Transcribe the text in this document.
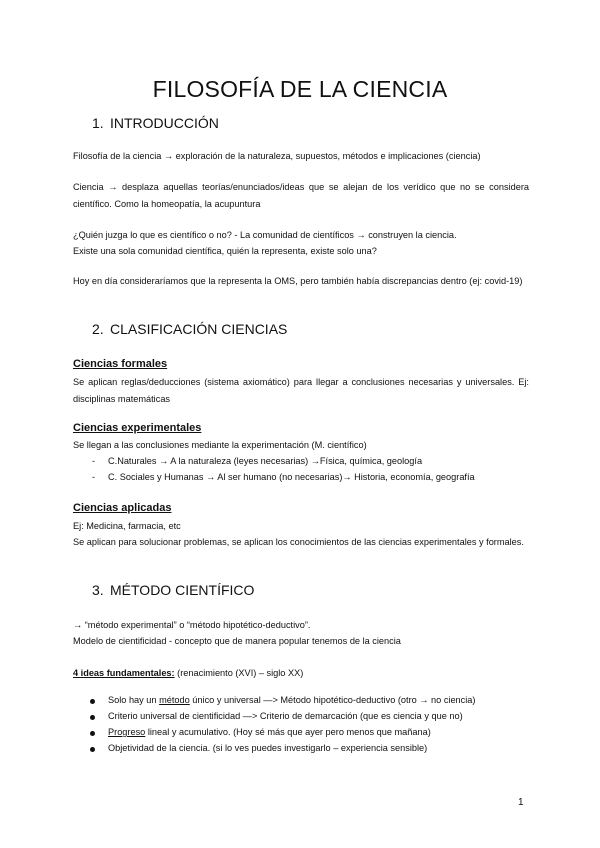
FILOSOFÍA DE LA CIENCIA
1. INTRODUCCIÓN
Filosofía de la ciencia → exploración de la naturaleza, supuestos, métodos e implicaciones (ciencia)
Ciencia → desplaza aquellas teorías/enunciados/ideas que se alejan de los verídico que no se considera científico. Como la homeopatía, la acupuntura
¿Quién juzga lo que es científico o no? - La comunidad de científicos → construyen la ciencia.
Existe una sola comunidad científica, quién la representa, existe solo una?
Hoy en día consideraríamos que la representa la OMS, pero también había discrepancias dentro (ej: covid-19)
2. CLASIFICACIÓN CIENCIAS
Ciencias formales
Se aplican reglas/deducciones (sistema axiomático) para llegar a conclusiones necesarias y universales. Ej: disciplinas matemáticas
Ciencias experimentales
Se llegan a las conclusiones mediante la experimentación (M. científico)
- C.Naturales → A la naturaleza (leyes necesarias) →Física, química, geología
- C. Sociales y Humanas → Al ser humano (no necesarias)→ Historia, economía, geografía
Ciencias aplicadas
Ej: Medicina, farmacia, etc
Se aplican para solucionar problemas, se aplican los conocimientos de las ciencias experimentales y formales.
3. MÉTODO CIENTÍFICO
→ “método experimental” o “método hipotético-deductivo”.
Modelo de cientificidad - concepto que de manera popular tenemos de la ciencia
4 ideas fundamentales: (renacimiento (XVI) – siglo XX)
Solo hay un método único y universal —> Método hipotético-deductivo (otro → no ciencia)
Criterio universal de cientificidad —> Criterio de demarcación (que es ciencia y que no)
Progreso lineal y acumulativo. (Hoy sé más que ayer pero menos que mañana)
Objetividad de la ciencia. (si lo ves puedes investigarlo – experiencia sensible)
1
